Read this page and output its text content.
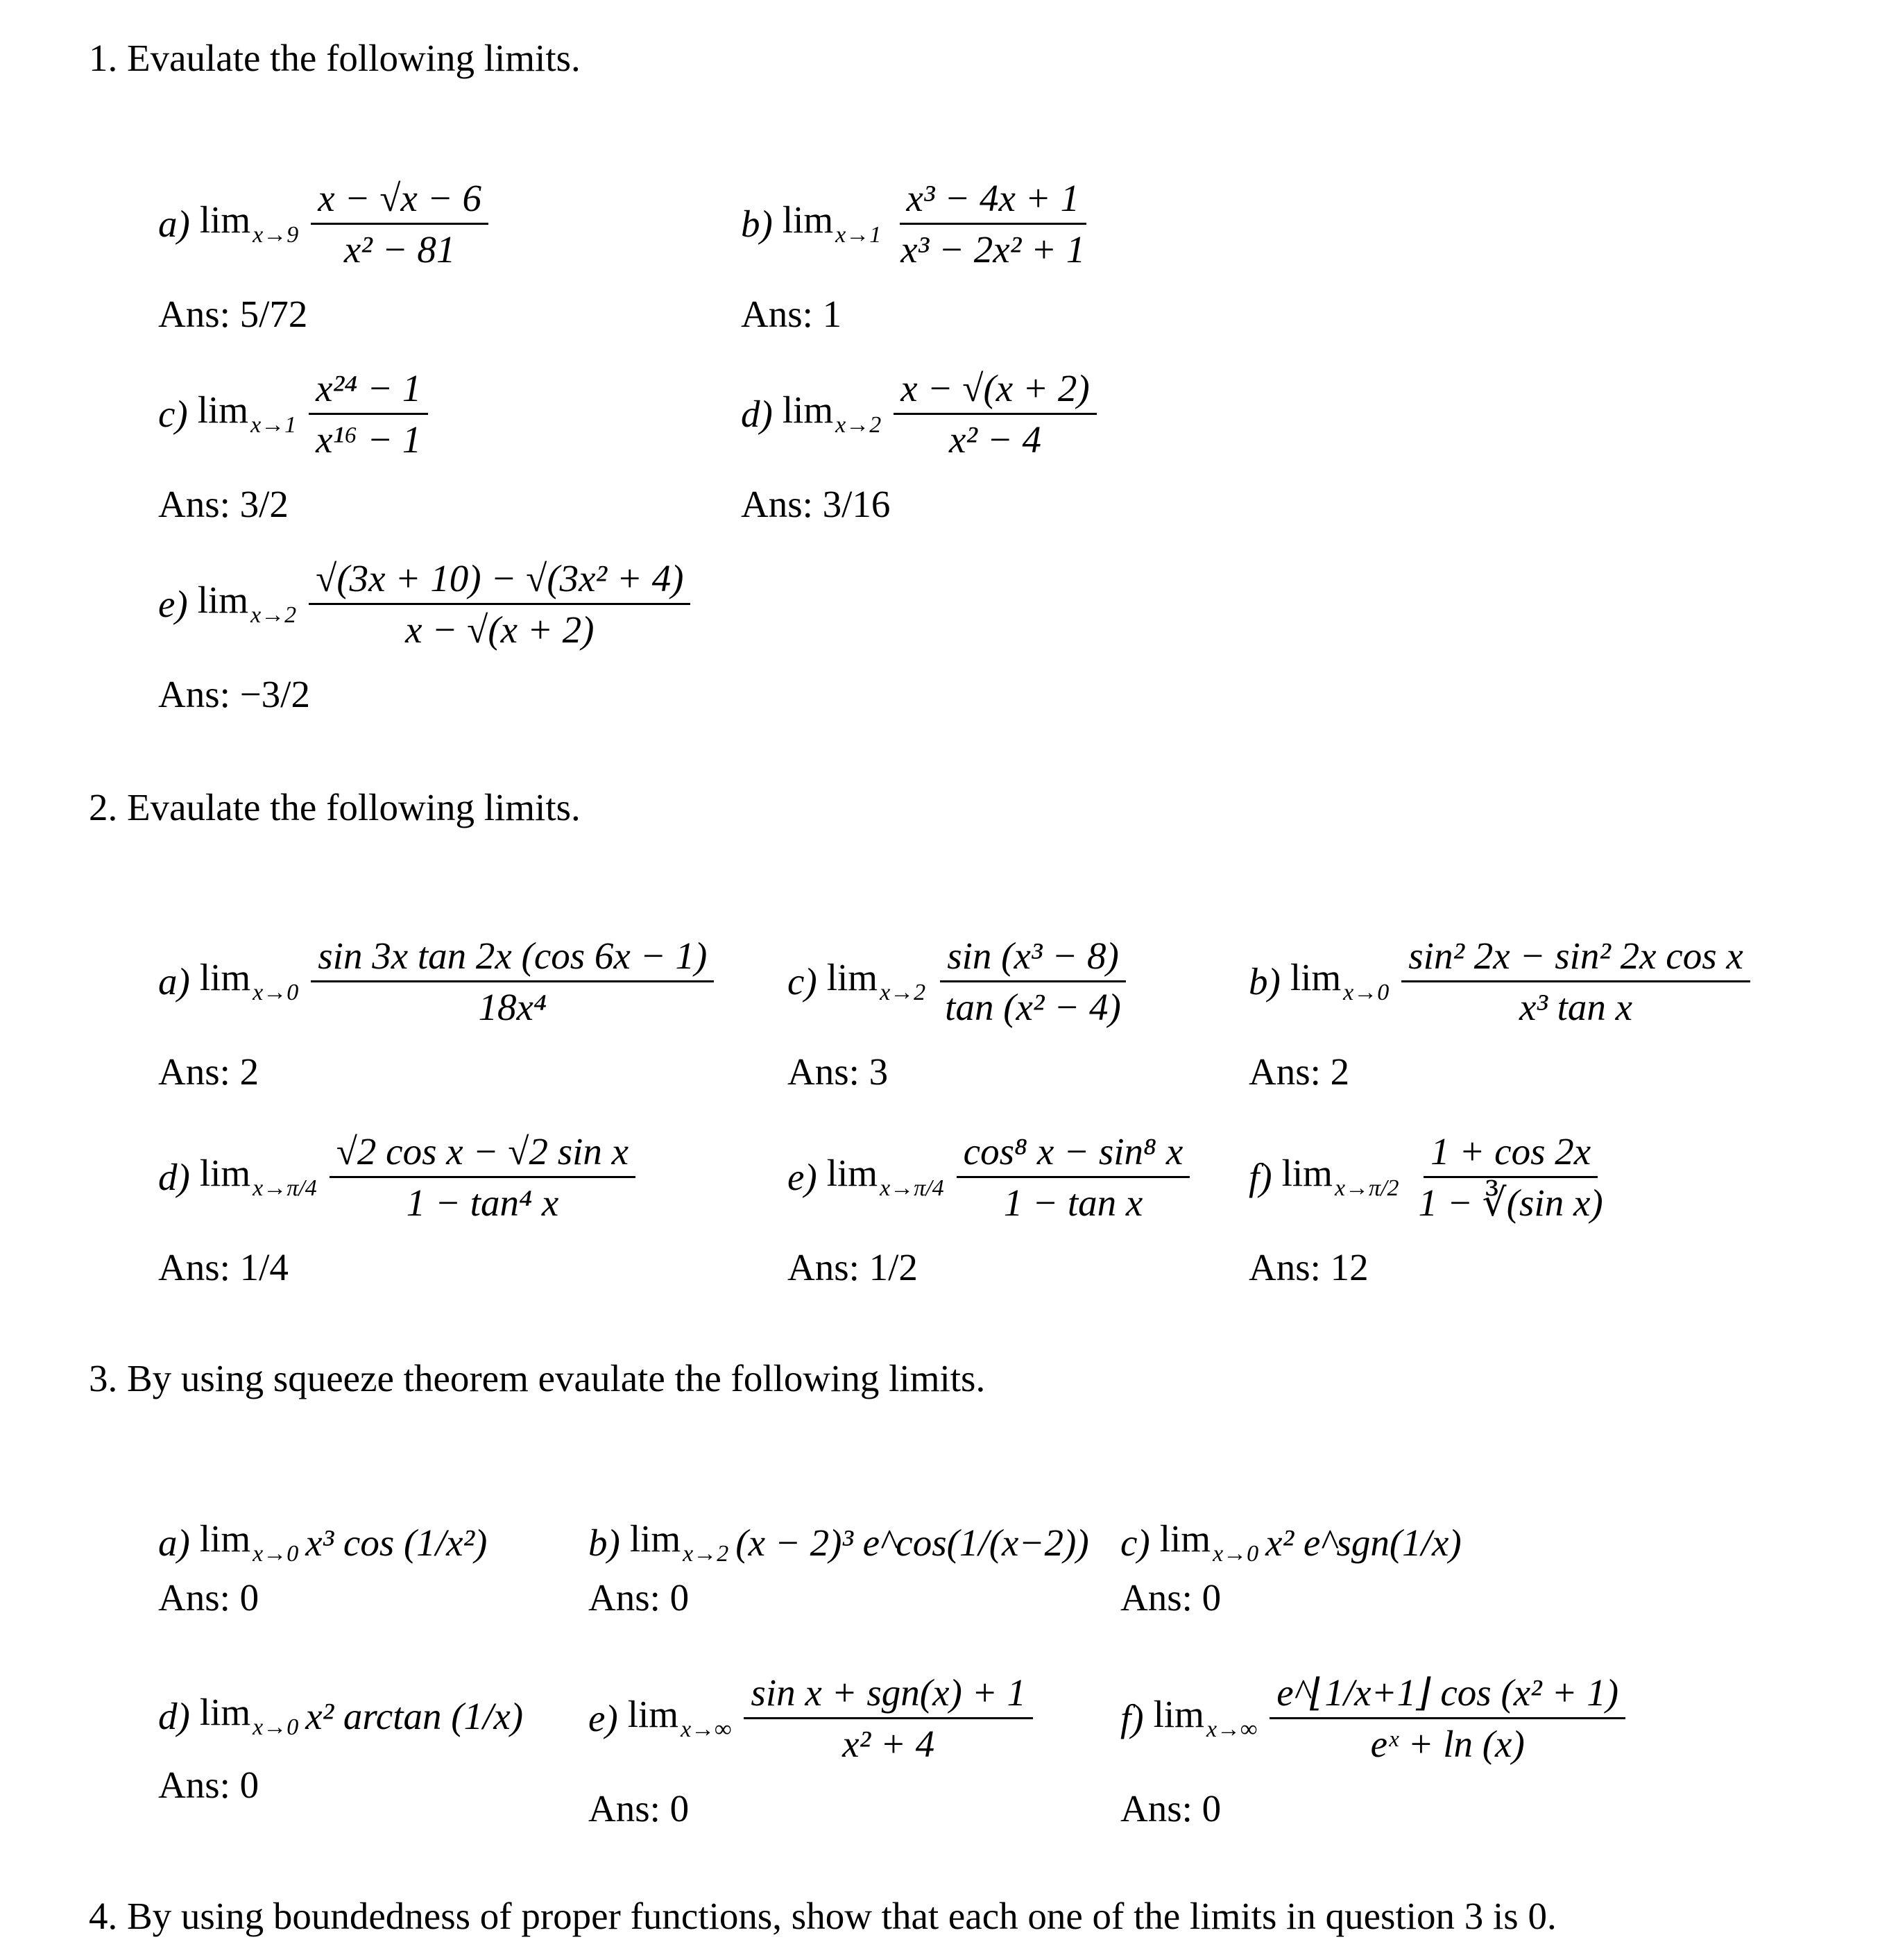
1. Evaulate the following limits.
a) $\lim_{x\to 9} \frac{x - √x - 6}{\text{x² − 81}}$
Ans: 5/72
b) $\lim_{x\to 1} \frac{\text{x³ − 4x + 1}}{\text{x³ − 2x² + 1}}$
Ans: 1
c) $\lim_{x\to 1} \frac{\text{x²⁴ − 1}}{\text{x¹⁶ − 1}}$
Ans: 3/2
d) $\lim_{x\to 2} \frac{x - √(x + 2)}{\text{x² − 4}}$
Ans: 3/16
e) $\lim_{x\to 2} \frac{\text{√(3x + 10) − √(3x² + 4)}}{x - √(x + 2)}$
Ans: −3/2
2. Evaulate the following limits.
a) $\lim_{x\to 0} \frac{\text{sin 3x tan 2x (cos 6x − 1)}}{\text{18x⁴}}$
Ans: 2
c) $\lim_{x\to 2} \frac{\text{sin (x³ − 8)}}{\text{tan (x² − 4)}}$
Ans: 3
b) $\lim_{x\to 0} \frac{\text{sin² 2x − sin² 2x cos x}}{\text{x³ tan x}}$
Ans: 2
d) $\lim_{x\to\pi/4} \frac{\text{√2 cos x − √2 sin x}}{\text{1 − tan⁴ x}}$
Ans: 1/4
e) $\lim_{x\to\pi/4} \frac{\text{cos⁸ x − sin⁸ x}}{\text{1 − tan x}}$
Ans: 1/2
f) $\lim_{x\to\pi/2} \frac{1 + \cos 2x}{\text{1 − ∛(sin x)}}$
Ans: 12
3. By using squeeze theorem evaulate the following limits.
a) $\lim_{x\to 0} x^3$ cos (1/x²)
Ans: 0
b) $\lim_{x\to 2} (x - 2)^3$ e^cos(1/(x−2))
Ans: 0
c) $\lim_{x\to 0} x^2$ e^sgn(1/x)
Ans: 0
d) $\lim_{x\to 0} x^2$ arctan (1/x)
Ans: 0
e) $\lim_{x\to\infty} \frac{\text{sin x + sgn(x) + 1}}{\text{x² + 4}}$
Ans: 0
f) $\lim_{x\to\infty} \frac{\text{e\textasciicircum{}⌊1/x+1⌋ cos (x² + 1)}}{\text{eˣ + ln (x)}}$
Ans: 0
4. By using boundedness of proper functions, show that each one of the limits in question 3 is 0.
